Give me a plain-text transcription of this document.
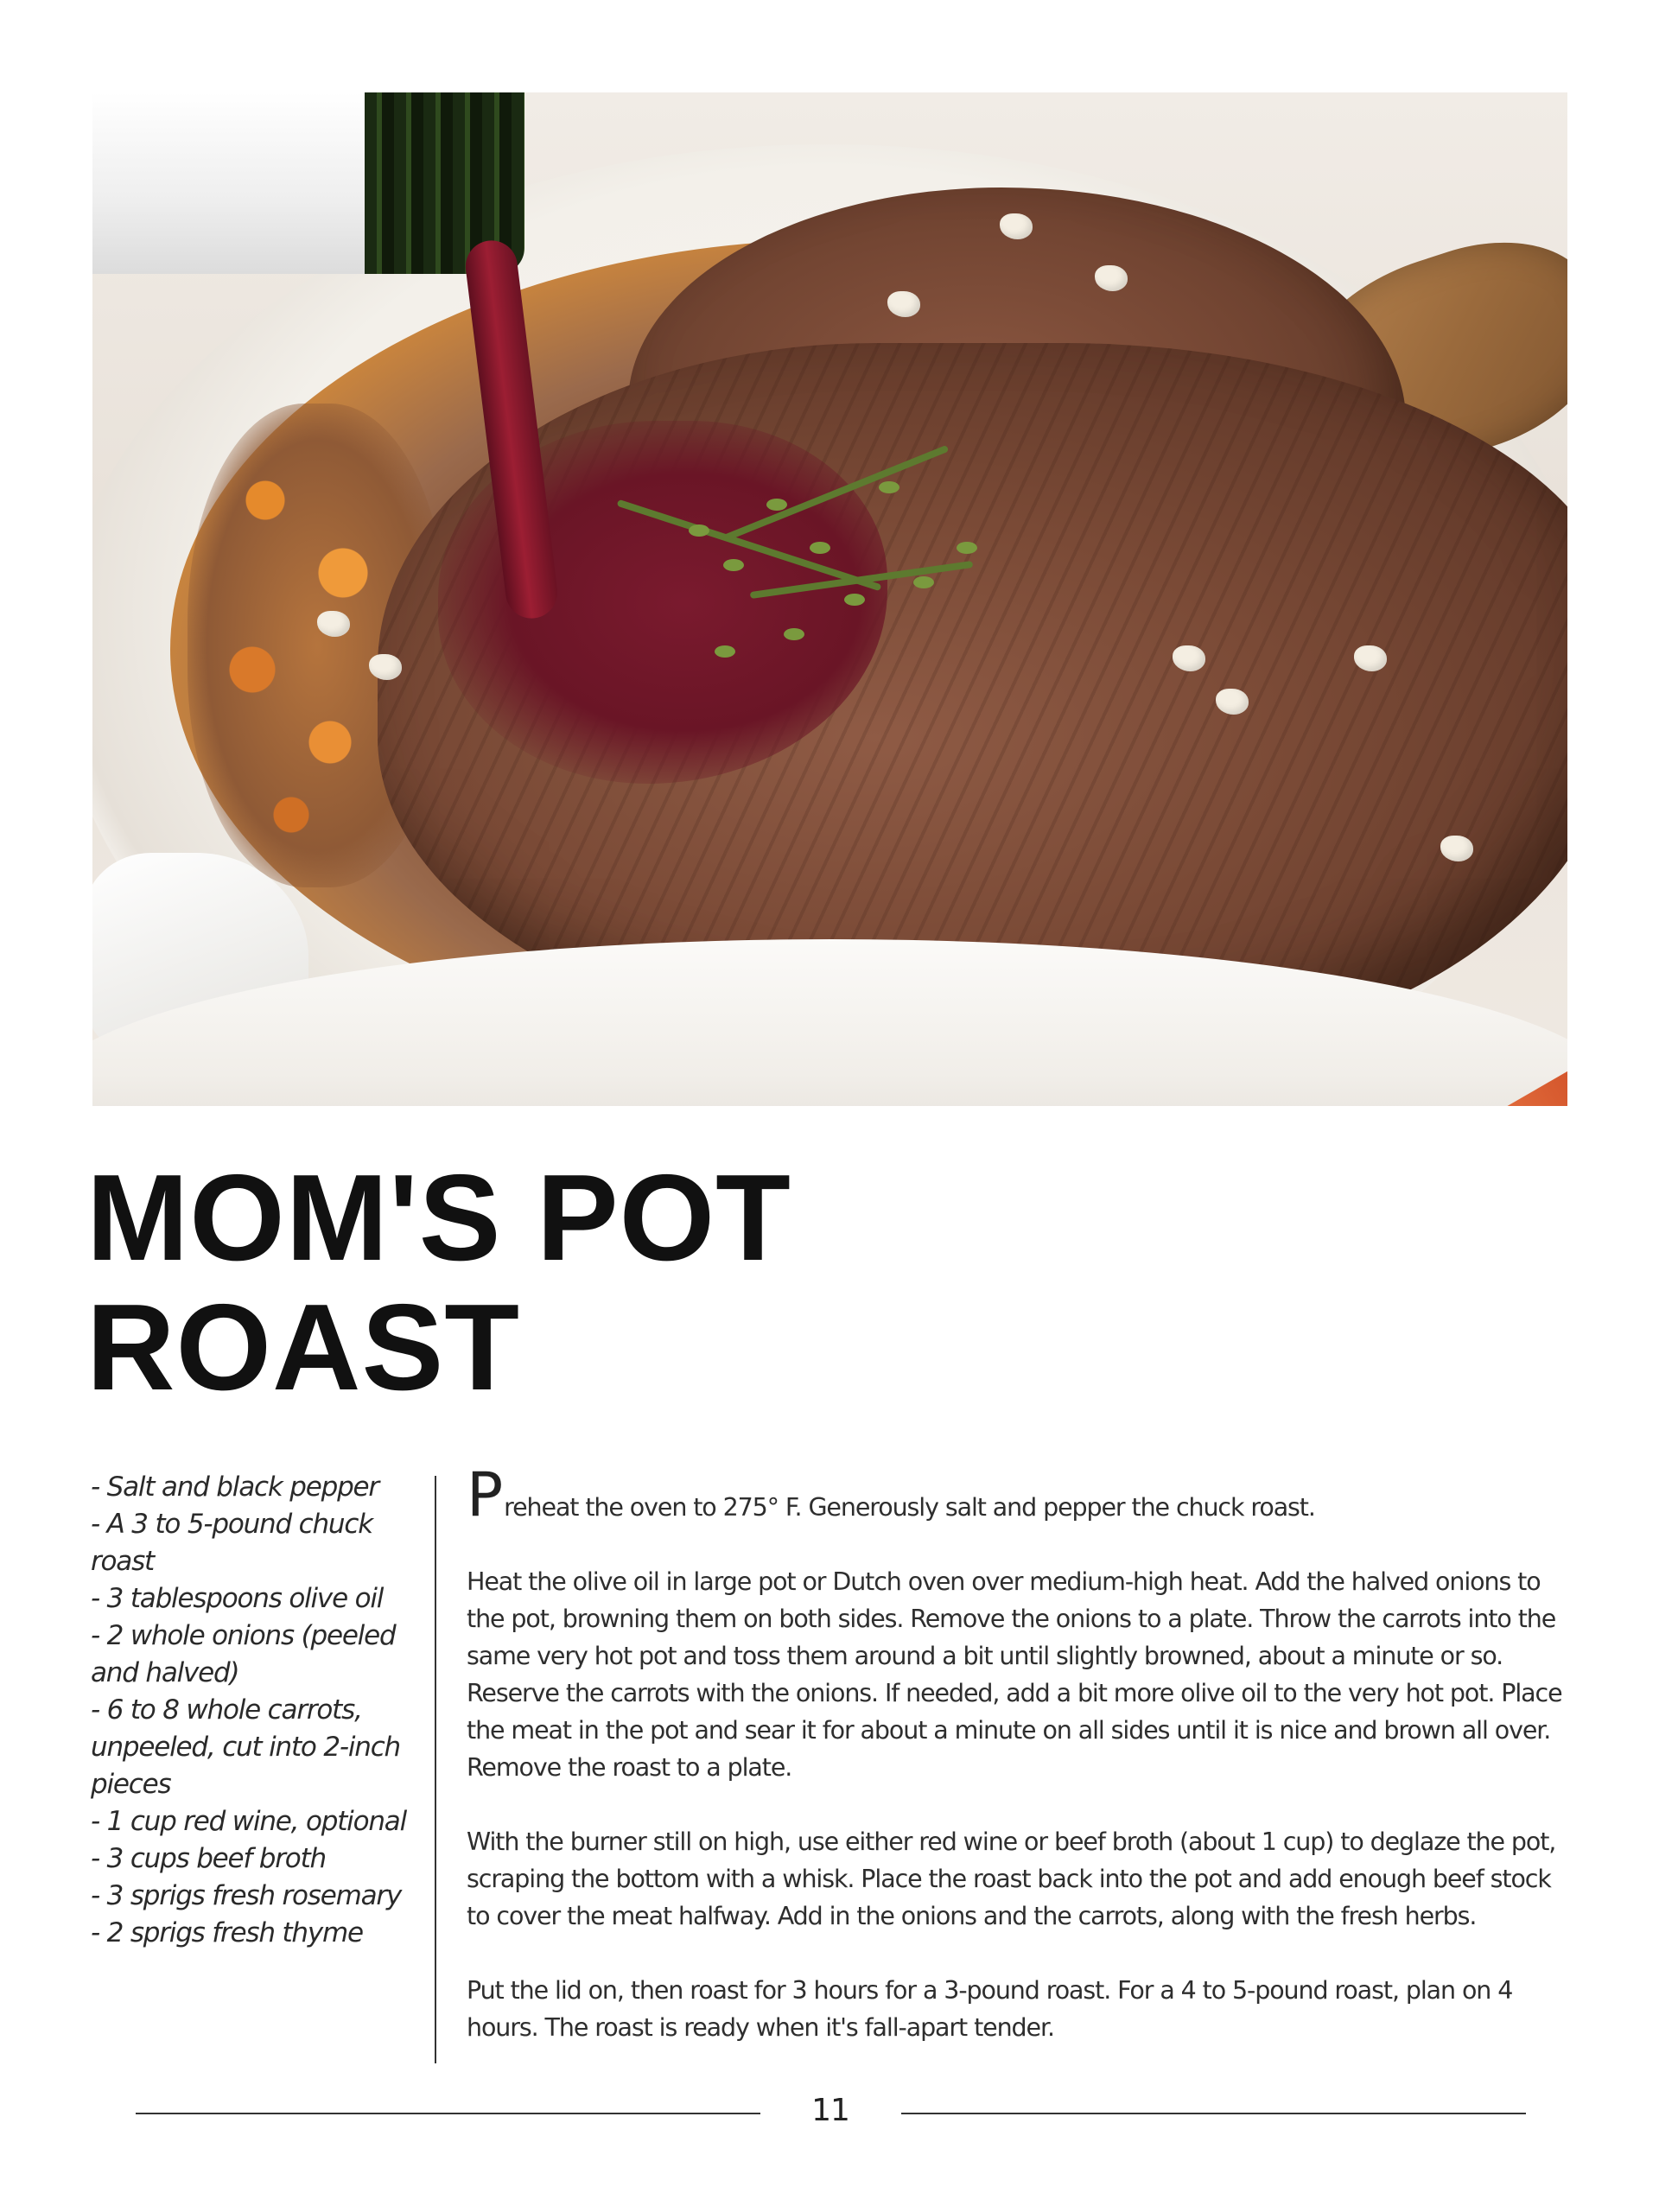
MOM'S POT
ROAST
- Salt and black pepper
- A 3 to 5-pound chuck roast
- 3 tablespoons olive oil
- 2 whole onions (peeled and halved)
- 6 to 8 whole carrots, unpeeled, cut into 2-inch pieces
- 1 cup red wine, optional
- 3 cups beef broth
- 3 sprigs fresh rosemary
- 2 sprigs fresh thyme

Preheat the oven to 275° F. Generously salt and pepper the chuck roast.

Heat the olive oil in large pot or Dutch oven over medium-high heat. Add the halved onions to the pot, browning them on both sides. Remove the onions to a plate. Throw the carrots into the same very hot pot and toss them around a bit until slightly browned, about a minute or so. Reserve the carrots with the onions. If needed, add a bit more olive oil to the very hot pot. Place the meat in the pot and sear it for about a minute on all sides until it is nice and brown all over. Remove the roast to a plate.

With the burner still on high, use either red wine or beef broth (about 1 cup) to deglaze the pot, scraping the bottom with a whisk. Place the roast back into the pot and add enough beef stock to cover the meat halfway. Add in the onions and the carrots, along with the fresh herbs.

Put the lid on, then roast for 3 hours for a 3-pound roast. For a 4 to 5-pound roast, plan on 4 hours. The roast is ready when it's fall-apart tender.

11
